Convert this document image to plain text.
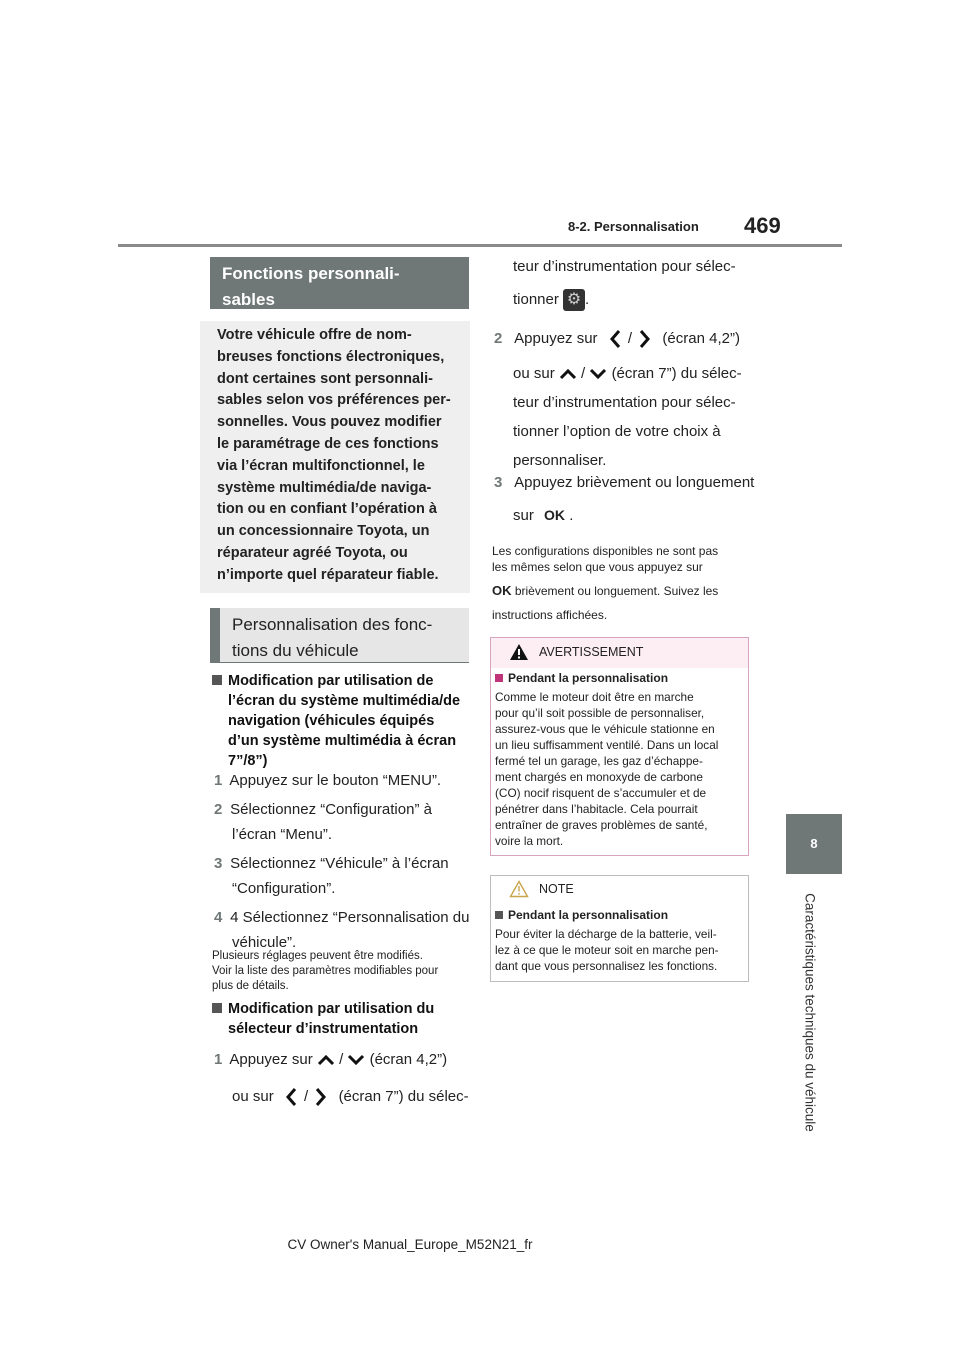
8-2. Personnalisation 469
8
Caractéristiques techniques du véhicule
Fonctions personnali-
sables
Votre véhicule offre de nom-
breuses fonctions électroniques,
dont certaines sont personnali-
sables selon vos préférences per-
sonnelles. Vous pouvez modifier
le paramétrage de ces fonctions
via l’écran multifonctionnel, le
système multimédia/de naviga-
tion ou en confiant l’opération à
un concessionnaire Toyota, un
réparateur agréé Toyota, ou
n’importe quel réparateur fiable.
Personnalisation des fonc-
tions du véhicule
Modification par utilisation de
l’écran du système multimédia/de
navigation (véhicules équipés
d’un système multimédia à écran
7”/8”)
1 Appuyez sur le bouton “MENU”.
2 Sélectionnez “Configuration” à
l’écran “Menu”.
3 Sélectionnez “Véhicule” à l’écran
“Configuration”.
4 4 Sélectionnez “Personnalisation du
véhicule”.
Plusieurs réglages peuvent être modifiés.
Voir la liste des paramètres modifiables pour
plus de détails.
Modification par utilisation du
sélecteur d’instrumentation
1 Appuyez sur / (écran 4,2”)
ou sur / (écran 7”) du sélec-
teur d’instrumentation pour sélec-
tionner ⚙ .
2 Appuyez sur / (écran 4,2”)
ou sur / (écran 7”) du sélec-
teur d’instrumentation pour sélec-
tionner l’option de votre choix à
personnaliser.
3 Appuyez brièvement ou longuement
sur OK .
Les configurations disponibles ne sont pas
les mêmes selon que vous appuyez sur
OK brièvement ou longuement. Suivez les
instructions affichées.
AVERTISSEMENT
Pendant la personnalisation
Comme le moteur doit être en marche
pour qu’il soit possible de personnaliser,
assurez-vous que le véhicule stationne en
un lieu suffisamment ventilé. Dans un local
fermé tel un garage, les gaz d’échappe-
ment chargés en monoxyde de carbone
(CO) nocif risquent de s’accumuler et de
pénétrer dans l’habitacle. Cela pourrait
entraîner de graves problèmes de santé,
voire la mort.
NOTE
Pendant la personnalisation
Pour éviter la décharge de la batterie, veil-
lez à ce que le moteur soit en marche pen-
dant que vous personnalisez les fonctions.
CV Owner's Manual_Europe_M52N21_fr
